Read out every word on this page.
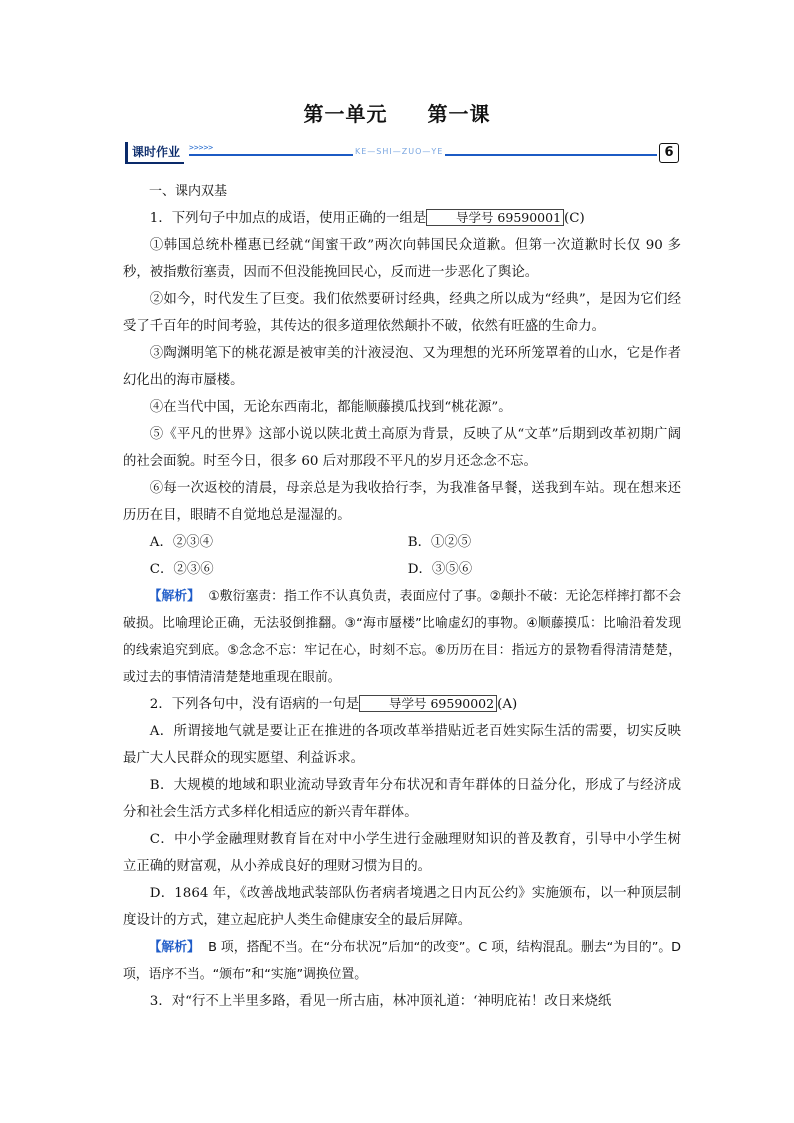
第一单元 第一课
课时作业	>>>>>	KE—SHI—ZUO—YE	6

一、课内双基

1．下列句子中加点的成语，使用正确的一组是 导学号 69590001 (C)

①韩国总统朴槿惠已经就“闺蜜干政”两次向韩国民众道歉。但第一次道歉时长仅 90 多秒，被指敷衍塞责，因而不但没能挽回民心，反而进一步恶化了舆论。

②如今，时代发生了巨变。我们依然要研讨经典，经典之所以成为“经典”，是因为它们经受了千百年的时间考验，其传达的很多道理依然颠扑不破，依然有旺盛的生命力。

③陶渊明笔下的桃花源是被审美的汁液浸泡、又为理想的光环所笼罩着的山水，它是作者幻化出的海市蜃楼。

④在当代中国，无论东西南北，都能顺藤摸瓜找到“桃花源”。

⑤《平凡的世界》这部小说以陕北黄土高原为背景，反映了从“文革”后期到改革初期广阔的社会面貌。时至今日，很多 60 后对那段不平凡的岁月还念念不忘。

⑥每一次返校的清晨，母亲总是为我收拾行李，为我准备早餐，送我到车站。现在想来还历历在目，眼睛不自觉地总是湿湿的。

A．②③④	B．①②⑤
C．②③⑥	D．③⑤⑥

【解析】 ①敷衍塞责：指工作不认真负责，表面应付了事。②颠扑不破：无论怎样摔打都不会破损。比喻理论正确，无法驳倒推翻。③“海市蜃楼”比喻虚幻的事物。④顺藤摸瓜：比喻沿着发现的线索追究到底。⑤念念不忘：牢记在心，时刻不忘。⑥历历在目：指远方的景物看得清清楚楚，或过去的事情清清楚楚地重现在眼前。

2．下列各句中，没有语病的一句是 导学号 69590002 (A)

A．所谓接地气就是要让正在推进的各项改革举措贴近老百姓实际生活的需要，切实反映最广大人民群众的现实愿望、利益诉求。

B．大规模的地域和职业流动导致青年分布状况和青年群体的日益分化，形成了与经济成分和社会生活方式多样化相适应的新兴青年群体。

C．中小学金融理财教育旨在对中小学生进行金融理财知识的普及教育，引导中小学生树立正确的财富观，从小养成良好的理财习惯为目的。

D．1864 年，《改善战地武装部队伤者病者境遇之日内瓦公约》实施颁布，以一种顶层制度设计的方式，建立起庇护人类生命健康安全的最后屏障。

【解析】 B 项，搭配不当。在“分布状况”后加“的改变”。C 项，结构混乱。删去“为目的”。D 项，语序不当。“颁布”和“实施”调换位置。

3．对“行不上半里多路，看见一所古庙，林冲顶礼道：‘神明庇祐！改日来烧纸
